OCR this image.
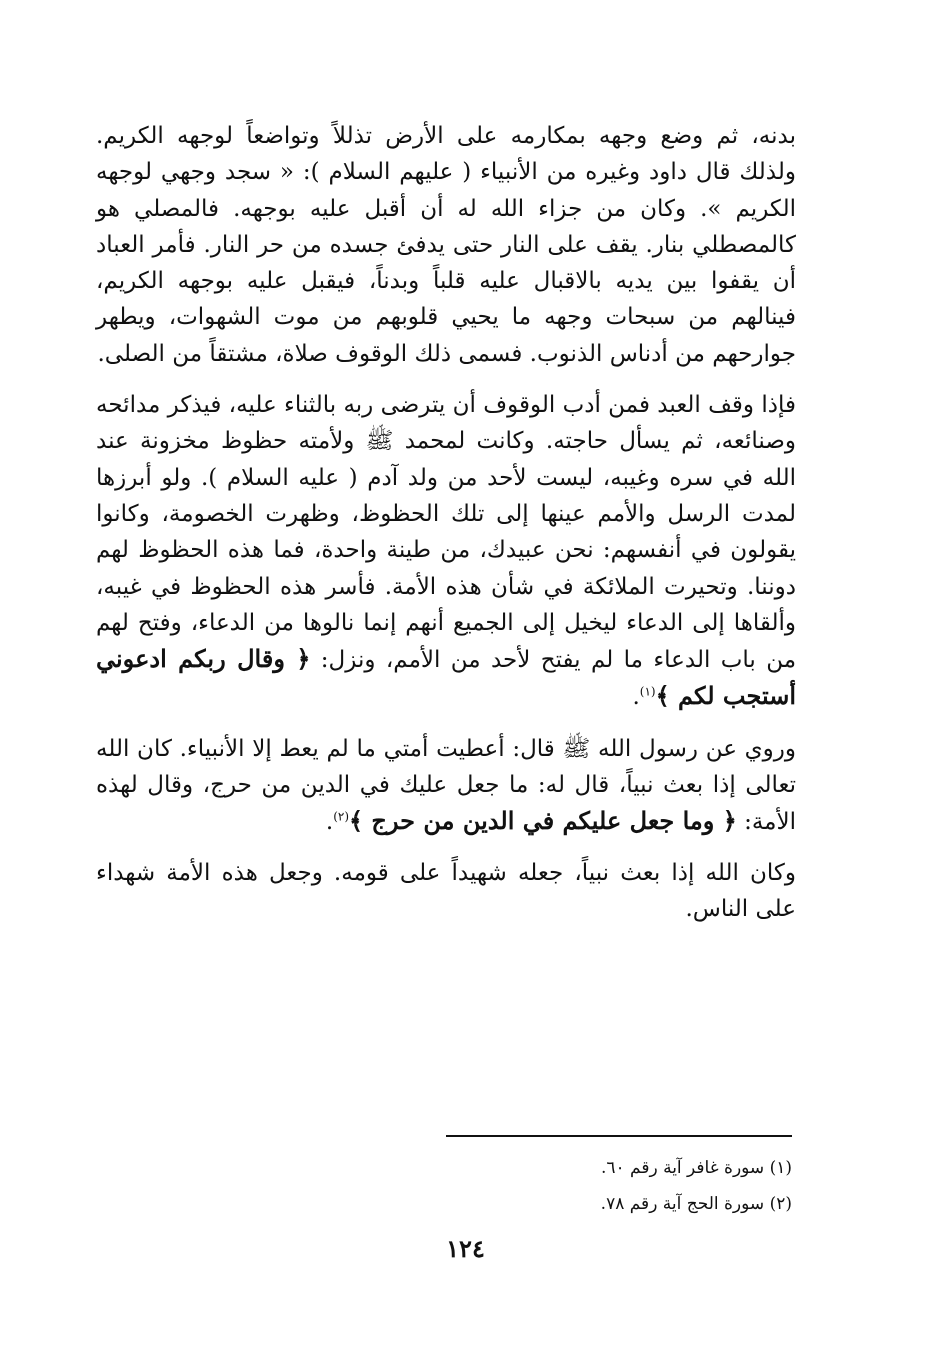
بدنه، ثم وضع وجهه بمكارمه على الأرض تذللاً وتواضعاً لوجهه الكريم. ولذلك قال داود وغيره من الأنبياء ( عليهم السلام ): « سجد وجهي لوجهه الكريم ». وكان من جزاء الله له أن أقبل عليه بوجهه. فالمصلي هو كالمصطلي بنار. يقف على النار حتى يدفئ جسده من حر النار. فأمر العباد أن يقفوا بين يديه بالاقبال عليه قلباً وبدناً، فيقبل عليه بوجهه الكريم، فينالهم من سبحات وجهه ما يحيي قلوبهم من موت الشهوات، ويطهر جوارحهم من أدناس الذنوب. فسمى ذلك الوقوف صلاة، مشتقاً من الصلى.

فإذا وقف العبد فمن أدب الوقوف أن يترضى ربه بالثناء عليه، فيذكر مدائحه وصنائعه، ثم يسأل حاجته. وكانت لمحمد ﷺ ولأمته حظوظ مخزونة عند الله في سره وغيبه، ليست لأحد من ولد آدم ( عليه السلام ). ولو أبرزها لمدت الرسل والأمم عينها إلى تلك الحظوظ، وظهرت الخصومة، وكانوا يقولون في أنفسهم: نحن عبيدك، من طينة واحدة، فما هذه الحظوظ لهم دوننا. وتحيرت الملائكة في شأن هذه الأمة. فأسر هذه الحظوظ في غيبه، وألقاها إلى الدعاء ليخيل إلى الجميع أنهم إنما نالوها من الدعاء، وفتح لهم من باب الدعاء ما لم يفتح لأحد من الأمم، ونزل: ﴿ وقال ربكم ادعوني أستجب لكم ﴾$^{(١)}$.

وروي عن رسول الله ﷺ قال: أعطيت أمتي ما لم يعط إلا الأنبياء. كان الله تعالى إذا بعث نبياً، قال له: ما جعل عليك في الدين من حرج، وقال لهذه الأمة: ﴿ وما جعل عليكم في الدين من حرج ﴾$^{(٢)}$.

وكان الله إذا بعث نبياً، جعله شهيداً على قومه. وجعل هذه الأمة شهداء على الناس.

(١) سورة غافر آية رقم ٦٠.
(٢) سورة الحج آية رقم ٧٨.
١٢٤
